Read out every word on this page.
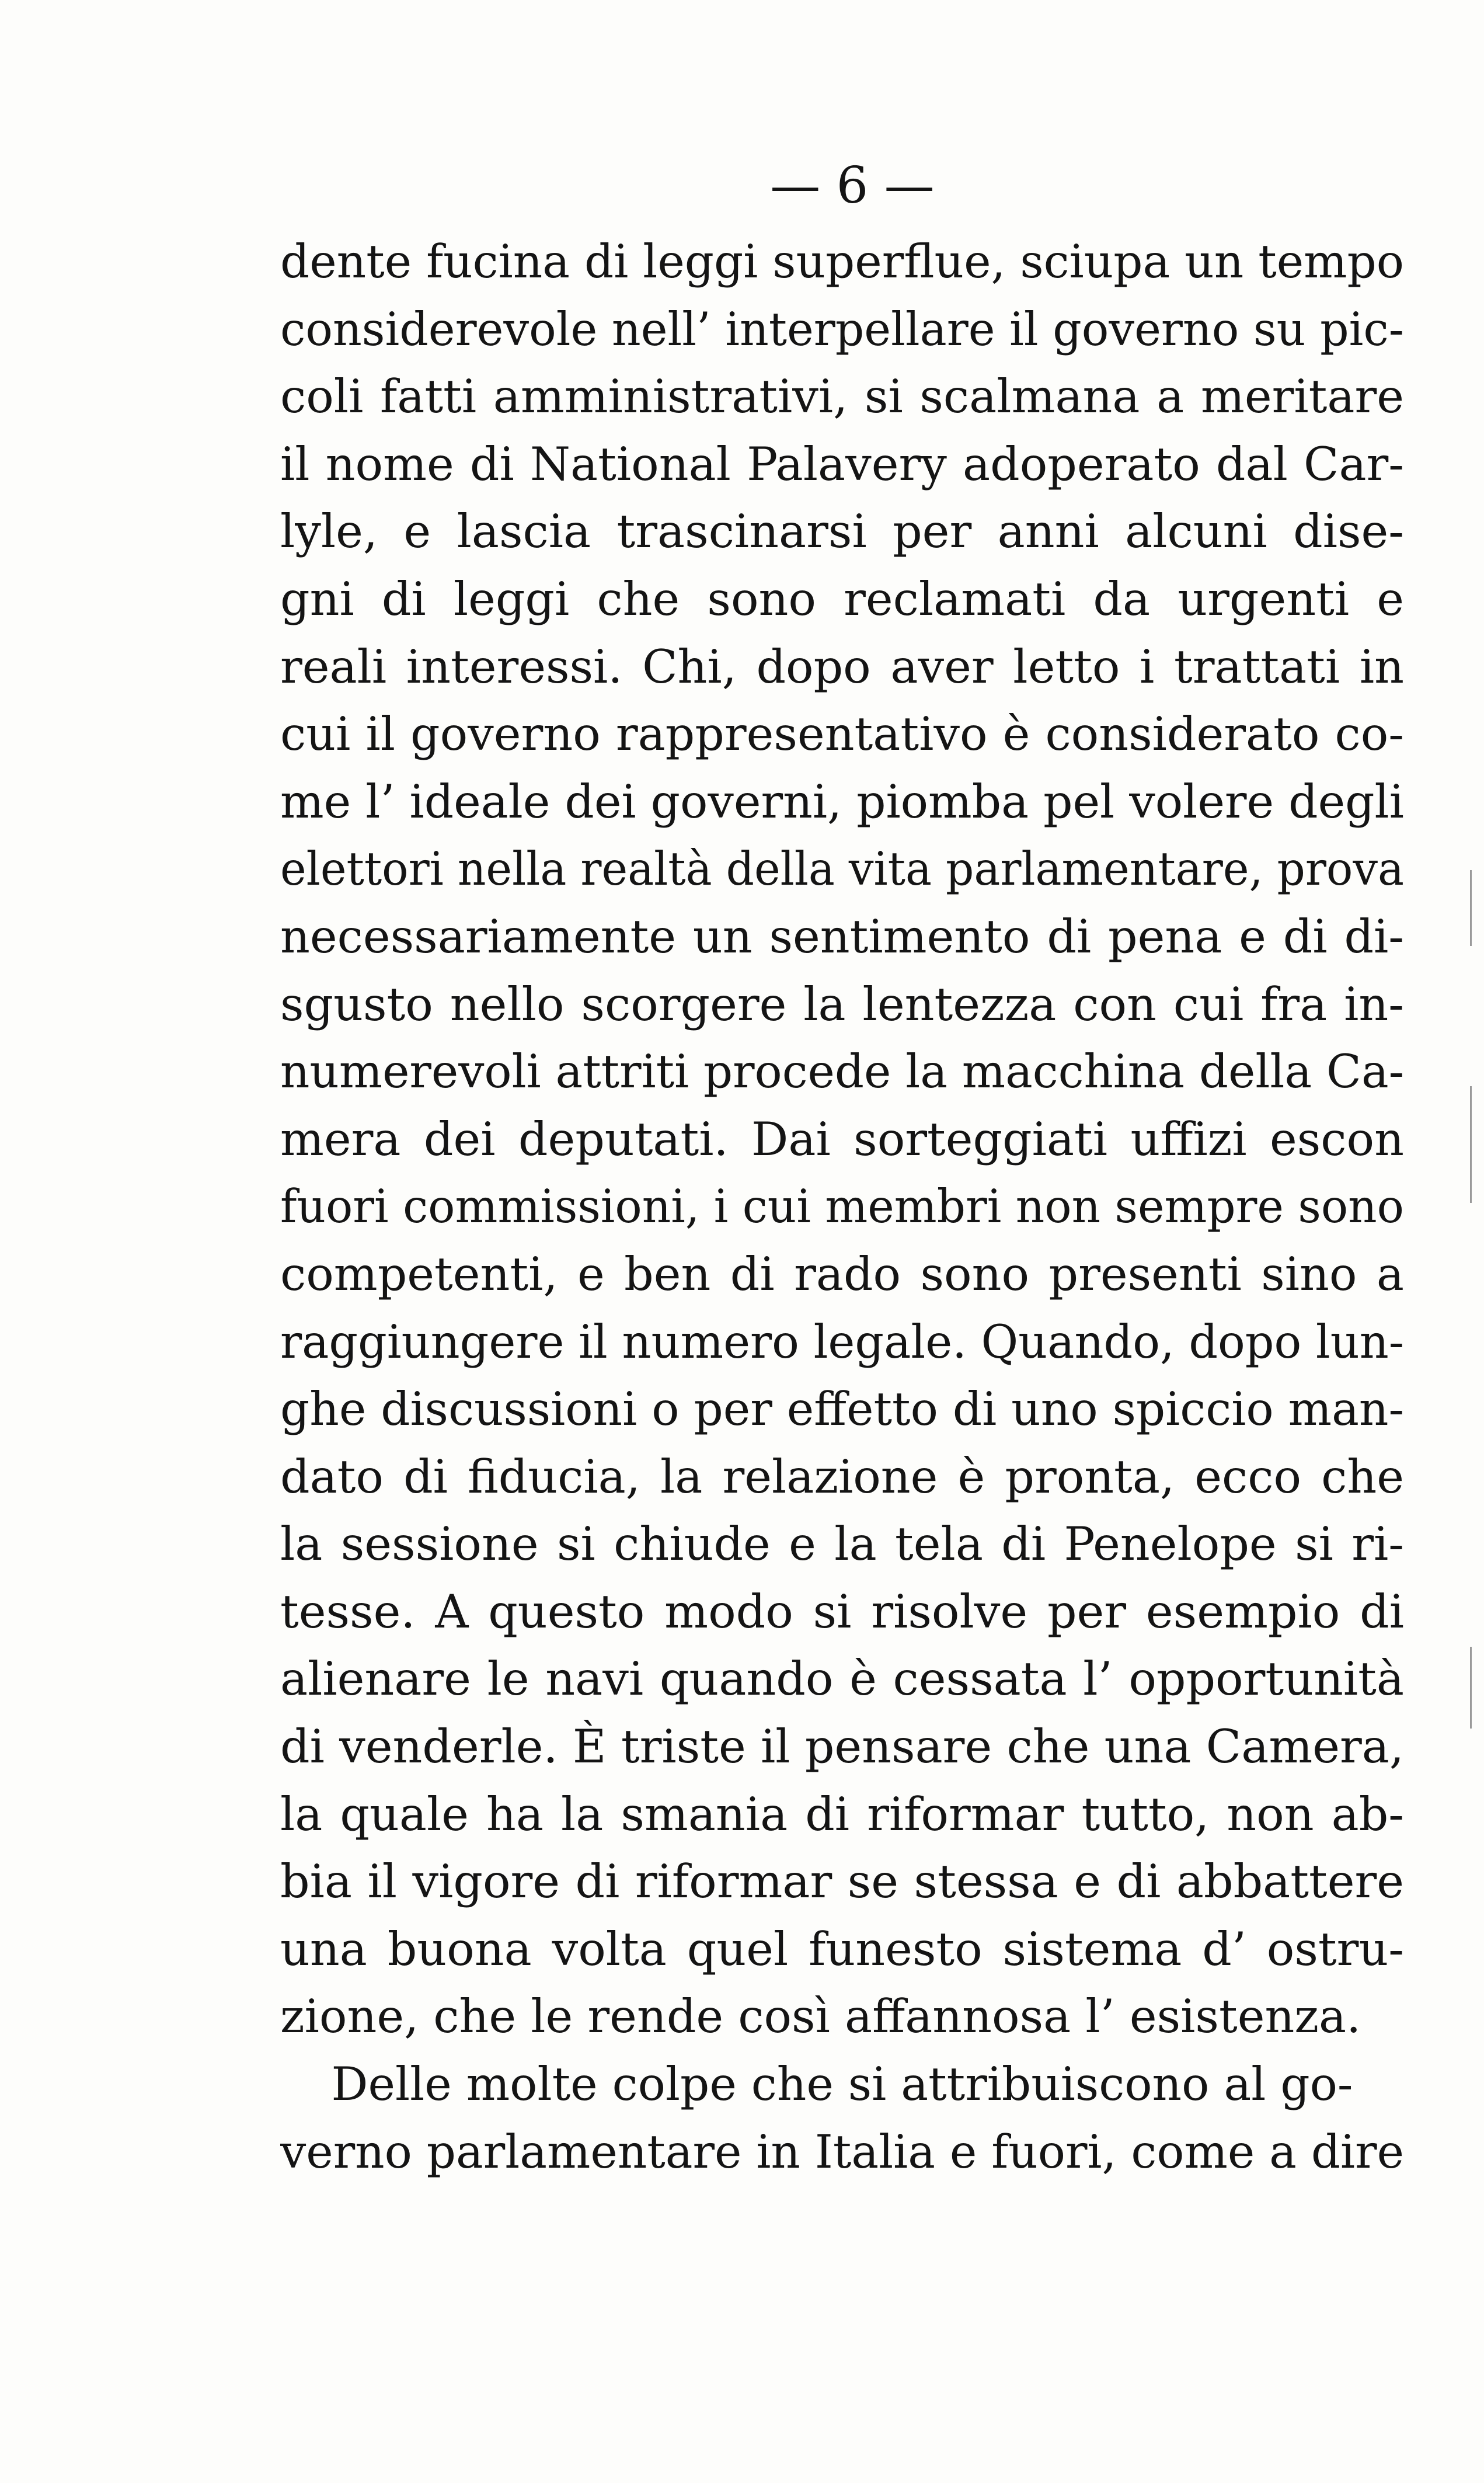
— 6 —
dente fucina di leggi superflue, sciupa un tempo
considerevole nell’ interpellare il governo su pic-
coli fatti amministrativi, si scalmana a meritare
il nome di National Palavery adoperato dal Car-
lyle, e lascia trascinarsi per anni alcuni dise-
gni di leggi che sono reclamati da urgenti e
reali interessi. Chi, dopo aver letto i trattati in
cui il governo rappresentativo è considerato co-
me l’ ideale dei governi, piomba pel volere degli
elettori nella realtà della vita parlamentare, prova
necessariamente un sentimento di pena e di di-
sgusto nello scorgere la lentezza con cui fra in-
numerevoli attriti procede la macchina della Ca-
mera dei deputati. Dai sorteggiati uffizi escon
fuori commissioni, i cui membri non sempre sono
competenti, e ben di rado sono presenti sino a
raggiungere il numero legale. Quando, dopo lun-
ghe discussioni o per effetto di uno spiccio man-
dato di fiducia, la relazione è pronta, ecco che
la sessione si chiude e la tela di Penelope si ri-
tesse. A questo modo si risolve per esempio di
alienare le navi quando è cessata l’ opportunità
di venderle. È triste il pensare che una Camera,
la quale ha la smania di riformar tutto, non ab-
bia il vigore di riformar se stessa e di abbattere
una buona volta quel funesto sistema d’ ostru-
zione, che le rende così affannosa l’ esistenza.
Delle molte colpe che si attribuiscono al go-
verno parlamentare in Italia e fuori, come a dire
